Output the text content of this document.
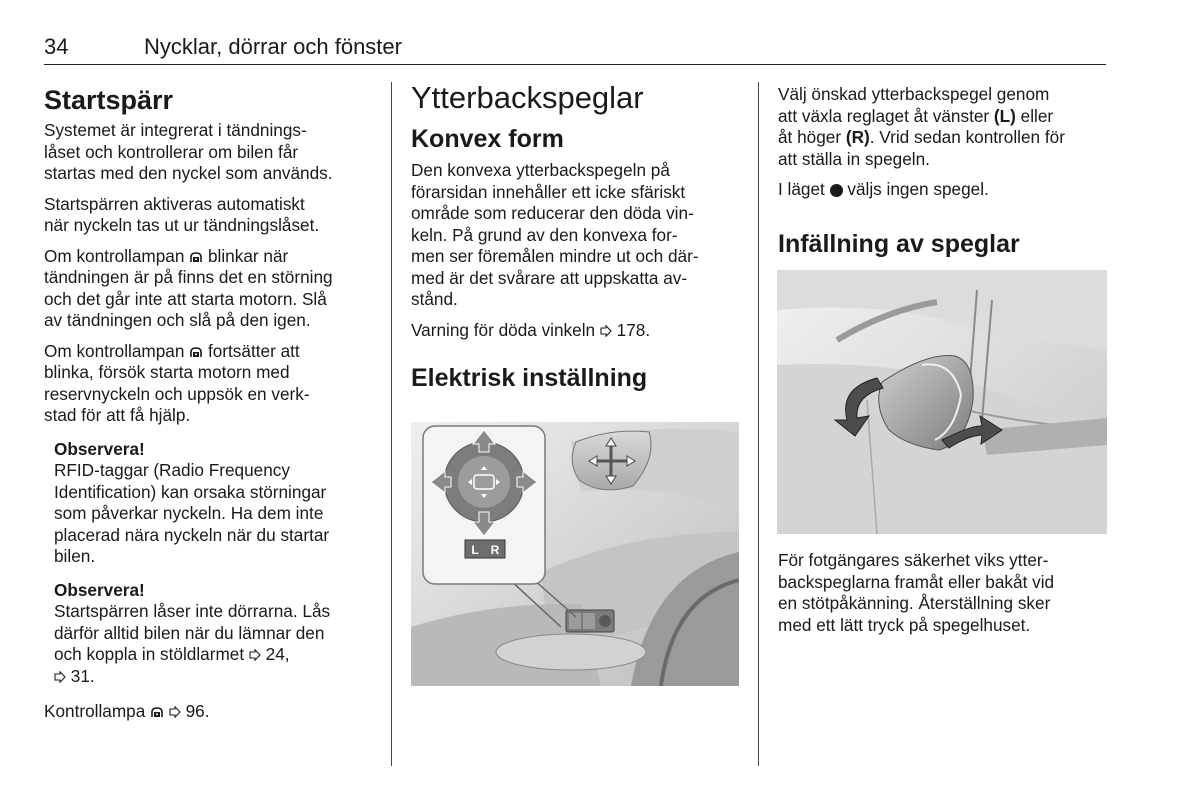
34	Nycklar, dörrar och fönster
Startspärr

Systemet är integrerat i tändnings-
låset och kontrollerar om bilen får
startas med den nyckel som används.

Startspärren aktiveras automatiskt
när nyckeln tas ut ur tändningslåset.

Om kontrollampan  blinkar när
tändningen är på finns det en störning
och det går inte att starta motorn. Slå
av tändningen och slå på den igen.

Om kontrollampan  fortsätter att
blinka, försök starta motorn med
reservnyckeln och uppsök en verk-
stad för att få hjälp.

Observera!
RFID-taggar (Radio Frequency
Identification) kan orsaka störningar
som påverkar nyckeln. Ha dem inte
placerad nära nyckeln när du startar
bilen.

Observera!
Startspärren låser inte dörrarna. Lås
därför alltid bilen när du lämnar den
och koppla in stöldlarmet  24,
31.

Kontrollampa   96.

Ytterbackspeglar
Konvex form

Den konvexa ytterbackspegeln på
förarsidan innehåller ett icke sfäriskt
område som reducerar den döda vin-
keln. På grund av den konvexa for-
men ser föremålen mindre ut och där-
med är det svårare att uppskatta av-
stånd.

Varning för döda vinkeln  178.

Elektrisk inställning
L R

Välj önskad ytterbackspegel genom
att växla reglaget åt vänster (L) eller
åt höger (R). Vrid sedan kontrollen för
att ställa in spegeln.

I läget  väljs ingen spegel.

Infällning av speglar

För fotgängares säkerhet viks ytter-
backspeglarna framåt eller bakåt vid
en stötpåkänning. Återställning sker
med ett lätt tryck på spegelhuset.
